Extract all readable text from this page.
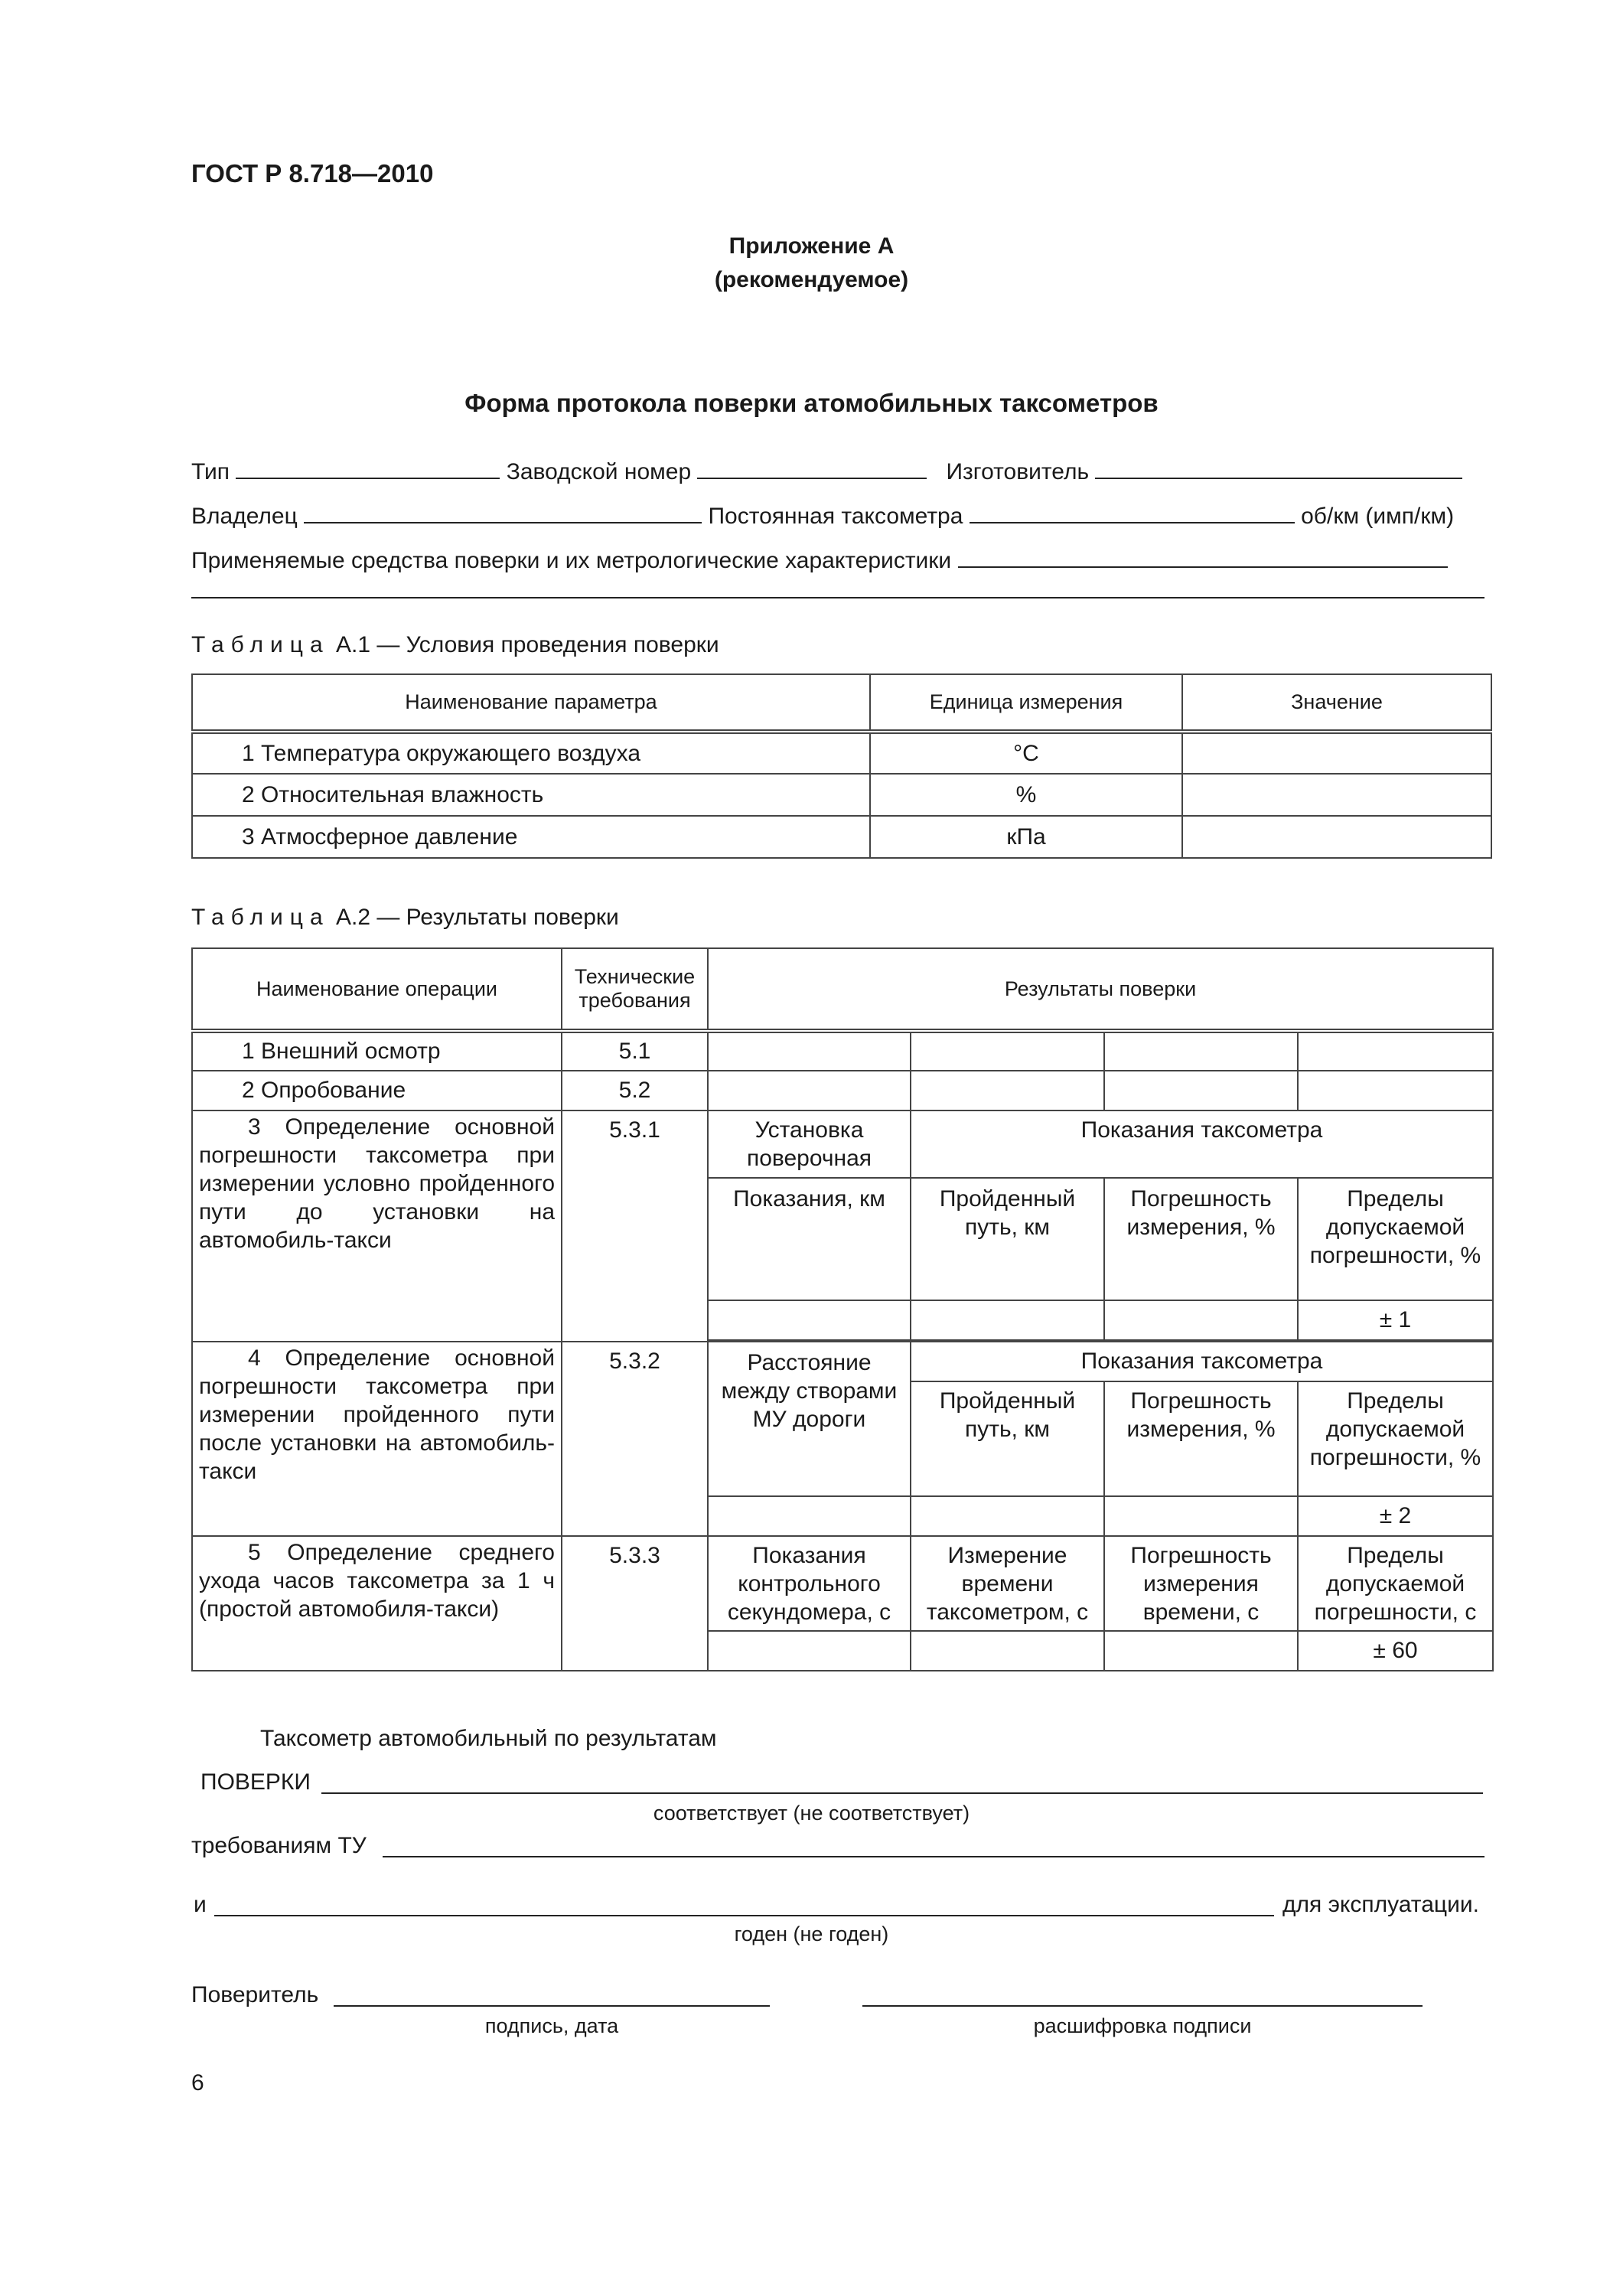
ГОСТ Р 8.718—2010
Приложение А
(рекомендуемое)
Форма протокола поверки атомобильных таксометров
Тип	Заводской номер	Изготовитель
Владелец	Постоянная таксометра	об/км (имп/км)
Применяемые средства поверки и их метрологические характеристики
Таблица А.1 — Условия проведения поверки
Наименование параметра	Единица измерения	Значение
1 Температура окружающего воздуха	°С	
2 Относительная влажность	%	
3 Атмосферное давление	кПа	
Таблица А.2 — Результаты поверки
Наименование операции	Технические требования	Результаты поверки			
1 Внешний осмотр	5.1				
2 Опробование	5.2				
3 Определение основной погрешности таксометра при измерении условно пройденного пути до установки на автомобиль-такси	5.3.1	Установка поверочная	Показания таксометра		
		Показания, км	Пройденный путь, км	Погрешность измерения, %	Пределы допускаемой погрешности, %
					± 1

4 Определение основной погрешности таксометра при измерении пройденного пути после установки на автомобиль-такси	5.3.2	Расстояние между створами МУ дороги	Показания таксометра		
			Пройденный путь, км	Погрешность измерения, %	Пределы допускаемой погрешности, %
					± 2
5 Определение среднего ухода часов таксометра за 1 ч (простой автомобиля-такси)	5.3.3	Показания контрольного секундомера, с	Измерение времени таксометром, с	Погрешность измерения времени, с	Пределы допускаемой погрешности, с
					± 60
Таксометр автомобильный по результатам
ПОВЕРКИ
соответствует (не соответствует)
требованиям ТУ
и	для эксплуатации.
годен (не годен)
Поверитель
подпись, дата	расшифровка подписи
6
